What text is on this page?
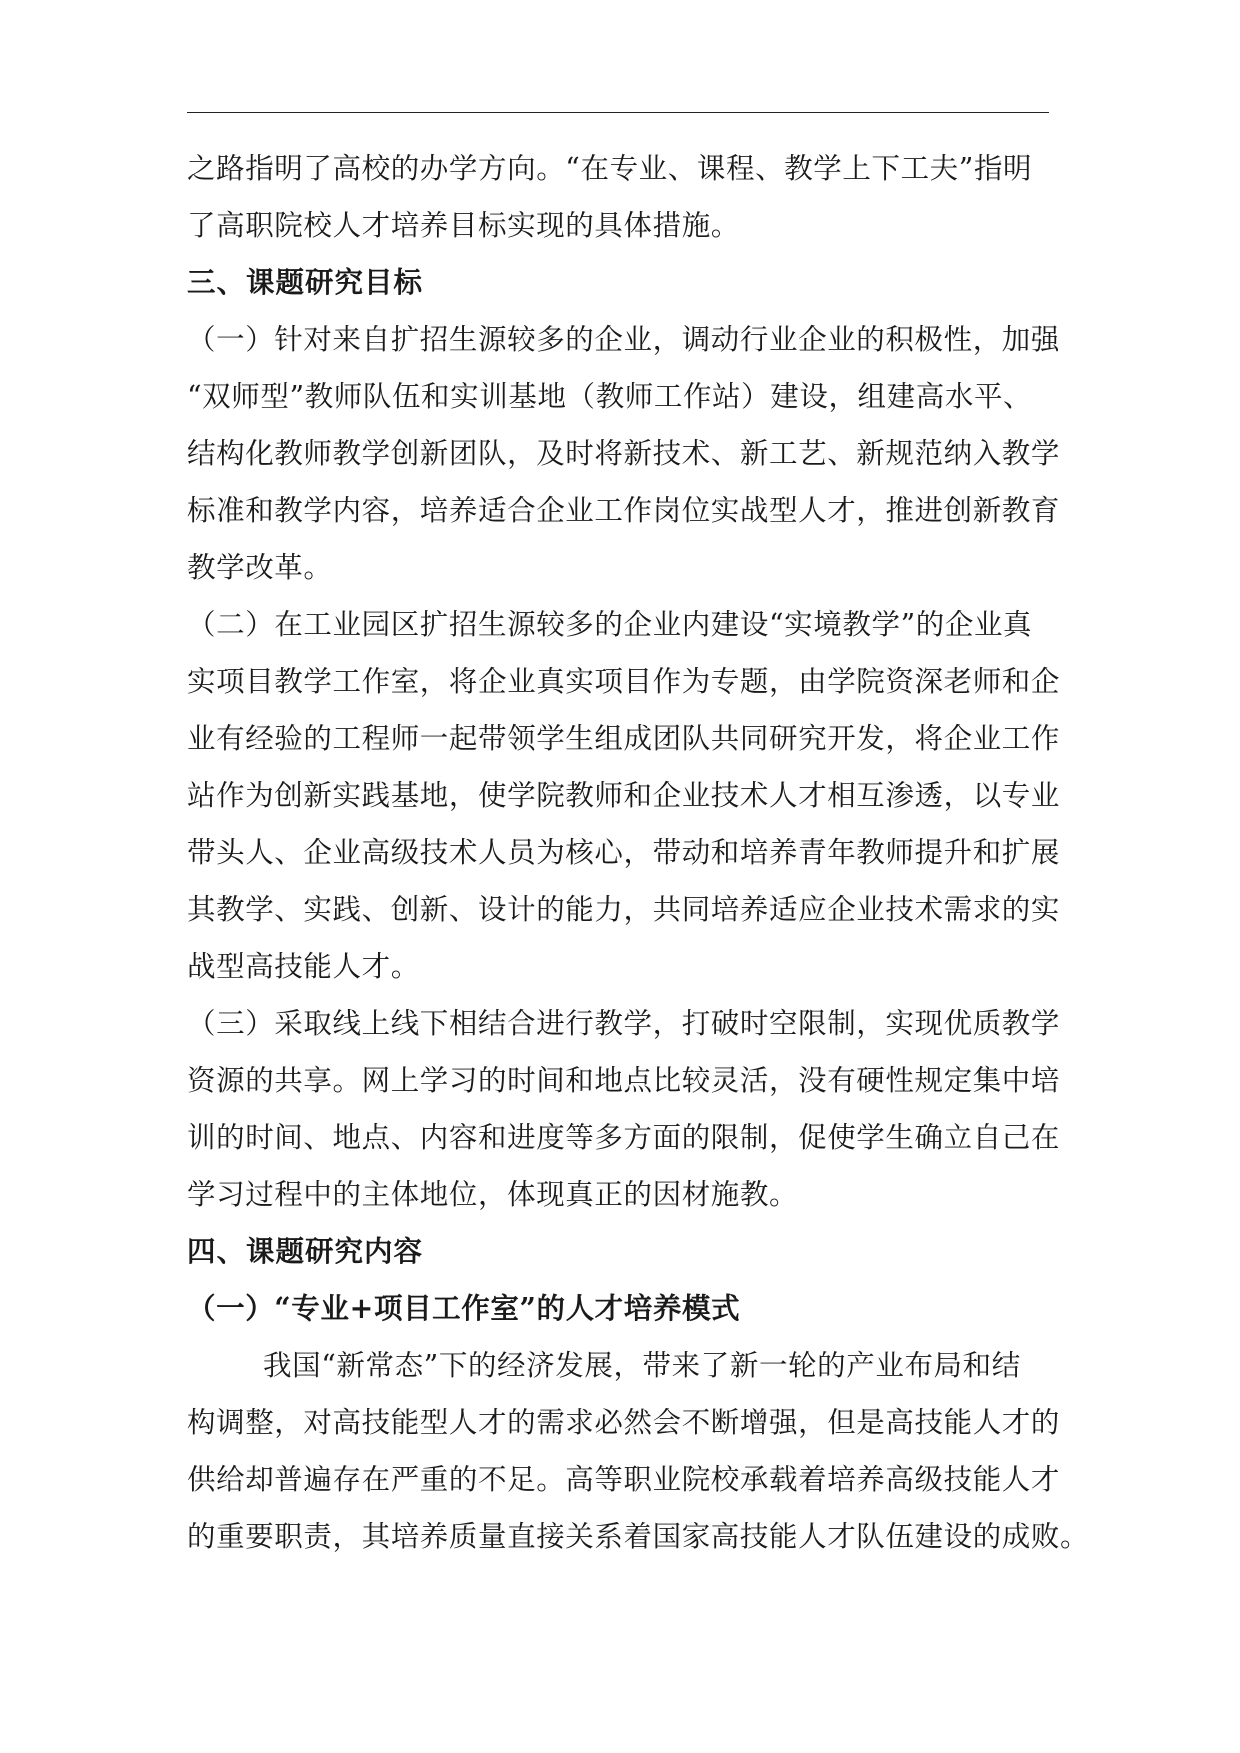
之路指明了高校的办学方向。“在专业、课程、教学上下工夫”指明
了高职院校人才培养目标实现的具体措施。
三、课题研究目标
（一）针对来自扩招生源较多的企业，调动行业企业的积极性，加强
“双师型”教师队伍和实训基地（教师工作站）建设，组建高水平、
结构化教师教学创新团队，及时将新技术、新工艺、新规范纳入教学
标准和教学内容，培养适合企业工作岗位实战型人才，推进创新教育
教学改革。
（二）在工业园区扩招生源较多的企业内建设“实境教学”的企业真
实项目教学工作室，将企业真实项目作为专题，由学院资深老师和企
业有经验的工程师一起带领学生组成团队共同研究开发，将企业工作
站作为创新实践基地，使学院教师和企业技术人才相互渗透，以专业
带头人、企业高级技术人员为核心，带动和培养青年教师提升和扩展
其教学、实践、创新、设计的能力，共同培养适应企业技术需求的实
战型高技能人才。
（三）采取线上线下相结合进行教学，打破时空限制，实现优质教学
资源的共享。网上学习的时间和地点比较灵活，没有硬性规定集中培
训的时间、地点、内容和进度等多方面的限制，促使学生确立自己在
学习过程中的主体地位，体现真正的因材施教。
四、课题研究内容
（一）“专业+项目工作室”的人才培养模式
我国“新常态”下的经济发展，带来了新一轮的产业布局和结
构调整，对高技能型人才的需求必然会不断增强，但是高技能人才的
供给却普遍存在严重的不足。高等职业院校承载着培养高级技能人才
的重要职责，其培养质量直接关系着国家高技能人才队伍建设的成败。
